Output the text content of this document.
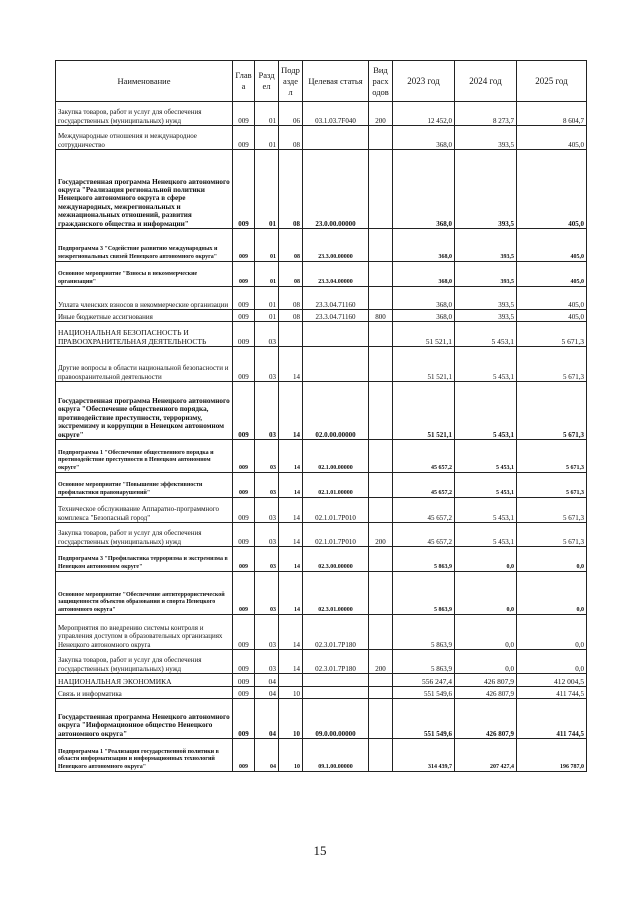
Наименование	Глав а	Разд ел	Подр азде л	Целевая статья	Вид расх одов	2023 год	2024 год	2025 год
Закупка товаров, работ и услуг для обеспечения государственных (муниципальных) нужд	009	01	06	03.1.03.7F040	200	12 452,0	8 273,7	8 604,7
Международные отношения и международное сотрудничество	009	01	08			368,0	393,5	405,0
Государственная программа Ненецкого автономного округа "Реализация региональной политики Ненецкого автономного округа в сфере международных, межрегиональных и межнациональных отношений, развития гражданского общества и информации"	009	01	08	23.0.00.00000		368,0	393,5	405,0
Подпрограмма 3 "Содействие развитию международных и межрегиональных связей Ненецкого автономного округа"	009	01	08	23.3.00.00000		368,0	393,5	405,0
Основное мероприятие "Взносы в некоммерческие организации"	009	01	08	23.3.04.00000		368,0	393,5	405,0
Уплата членских взносов в некоммерческие организации	009	01	08	23.3.04.71160		368,0	393,5	405,0
Иные бюджетные ассигнования	009	01	08	23.3.04.71160	800	368,0	393,5	405,0
НАЦИОНАЛЬНАЯ БЕЗОПАСНОСТЬ И ПРАВООХРАНИТЕЛЬНАЯ ДЕЯТЕЛЬНОСТЬ	009	03				51 521,1	5 453,1	5 671,3
Другие вопросы в области национальной безопасности и правоохранительной деятельности	009	03	14			51 521,1	5 453,1	5 671,3
Государственная программа Ненецкого автономного округа "Обеспечение общественного порядка, противодействие преступности, терроризму, экстремизму и коррупции в Ненецком автономном округе"	009	03	14	02.0.00.00000		51 521,1	5 453,1	5 671,3
Подпрограмма 1 "Обеспечение общественного порядка и противодействие преступности в Ненецком автономном округе"	009	03	14	02.1.00.00000		45 657,2	5 453,1	5 671,3
Основное мероприятие "Повышение эффективности профилактики правонарушений"	009	03	14	02.1.01.00000		45 657,2	5 453,1	5 671,3
Техническое обслуживание Аппаратно-программного комплекса "Безопасный город"	009	03	14	02.1.01.7P010		45 657,2	5 453,1	5 671,3
Закупка товаров, работ и услуг для обеспечения государственных (муниципальных) нужд	009	03	14	02.1.01.7P010	200	45 657,2	5 453,1	5 671,3
Подпрограмма 3 "Профилактика терроризма и экстремизма в Ненецком автономном округе"	009	03	14	02.3.00.00000		5 863,9	0,0	0,0
Основное мероприятие "Обеспечение антитеррористической защищенности объектов образования и спорта Ненецкого автономного округа"	009	03	14	02.3.01.00000		5 863,9	0,0	0,0
Мероприятия по внедрению системы контроля и управления доступом в образовательных организациях Ненецкого автономного округа	009	03	14	02.3.01.7P180		5 863,9	0,0	0,0
Закупка товаров, работ и услуг для обеспечения государственных (муниципальных) нужд	009	03	14	02.3.01.7P180	200	5 863,9	0,0	0,0
НАЦИОНАЛЬНАЯ ЭКОНОМИКА	009	04				556 247,4	426 807,9	412 004,5
Связь и информатика	009	04	10			551 549,6	426 807,9	411 744,5
Государственная программа Ненецкого автономного округа "Информационное общество Ненецкого автономного округа"	009	04	10	09.0.00.00000		551 549,6	426 807,9	411 744,5
Подпрограмма 1 "Реализация государственной политики в области информатизации и информационных технологий Ненецкого автономного округа"	009	04	10	09.1.00.00000		314 439,7	207 427,4	196 787,0
15
